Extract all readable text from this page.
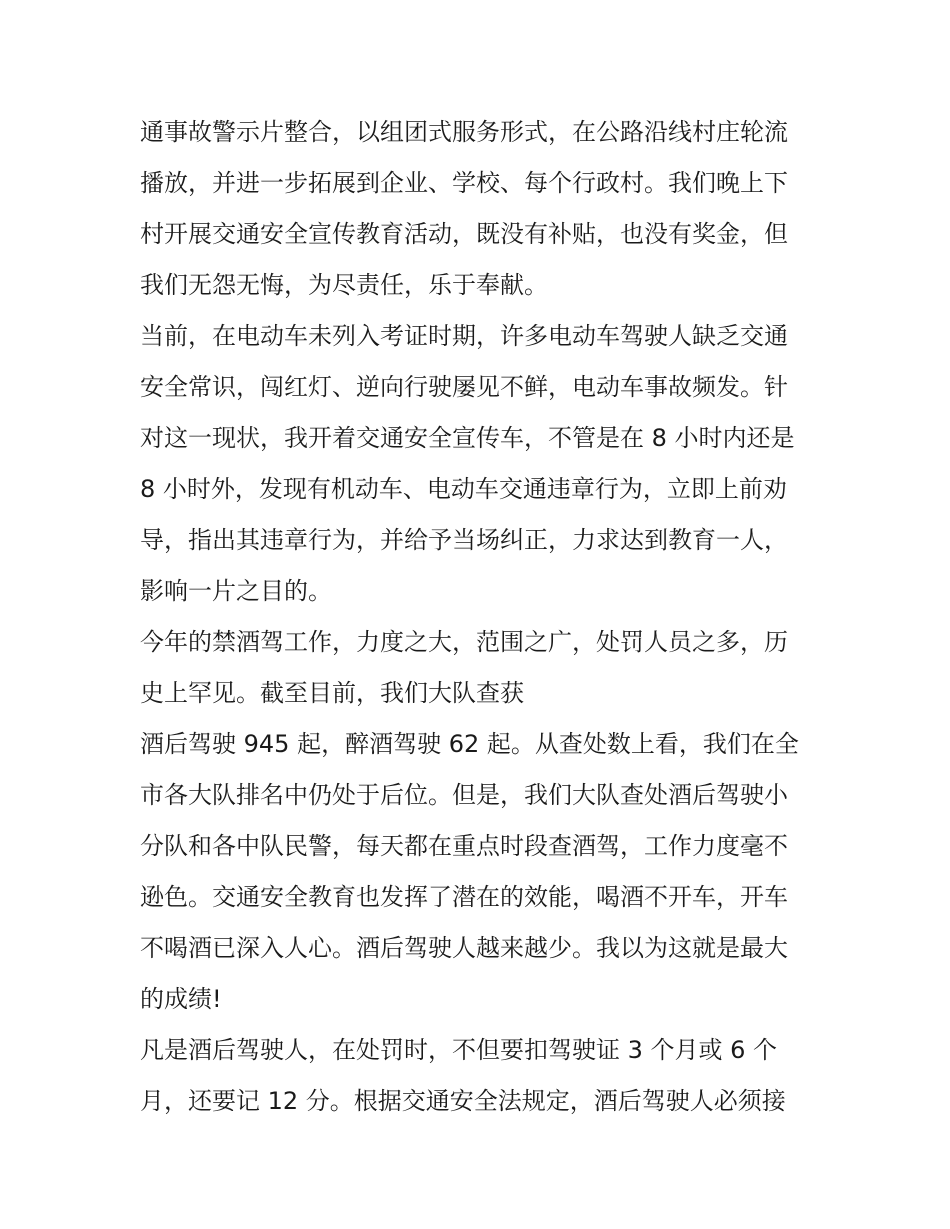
通事故警示片整合，以组团式服务形式，在公路沿线村庄轮流
播放，并进一步拓展到企业、学校、每个行政村。我们晚上下
村开展交通安全宣传教育活动，既没有补贴，也没有奖金，但
我们无怨无悔，为尽责任，乐于奉献。
当前，在电动车未列入考证时期，许多电动车驾驶人缺乏交通
安全常识，闯红灯、逆向行驶屡见不鲜，电动车事故频发。针
对这一现状，我开着交通安全宣传车，不管是在 8 小时内还是
8 小时外，发现有机动车、电动车交通违章行为，立即上前劝
导，指出其违章行为，并给予当场纠正，力求达到教育一人，
影响一片之目的。
今年的禁酒驾工作，力度之大，范围之广，处罚人员之多，历
史上罕见。截至目前，我们大队查获
酒后驾驶 945 起，醉酒驾驶 62 起。从查处数上看，我们在全
市各大队排名中仍处于后位。但是，我们大队查处酒后驾驶小
分队和各中队民警，每天都在重点时段查酒驾，工作力度毫不
逊色。交通安全教育也发挥了潜在的效能，喝酒不开车，开车
不喝酒已深入人心。酒后驾驶人越来越少。我以为这就是最大
的成绩!
凡是酒后驾驶人，在处罚时，不但要扣驾驶证 3 个月或 6 个
月，还要记 12 分。根据交通安全法规定，酒后驾驶人必须接
